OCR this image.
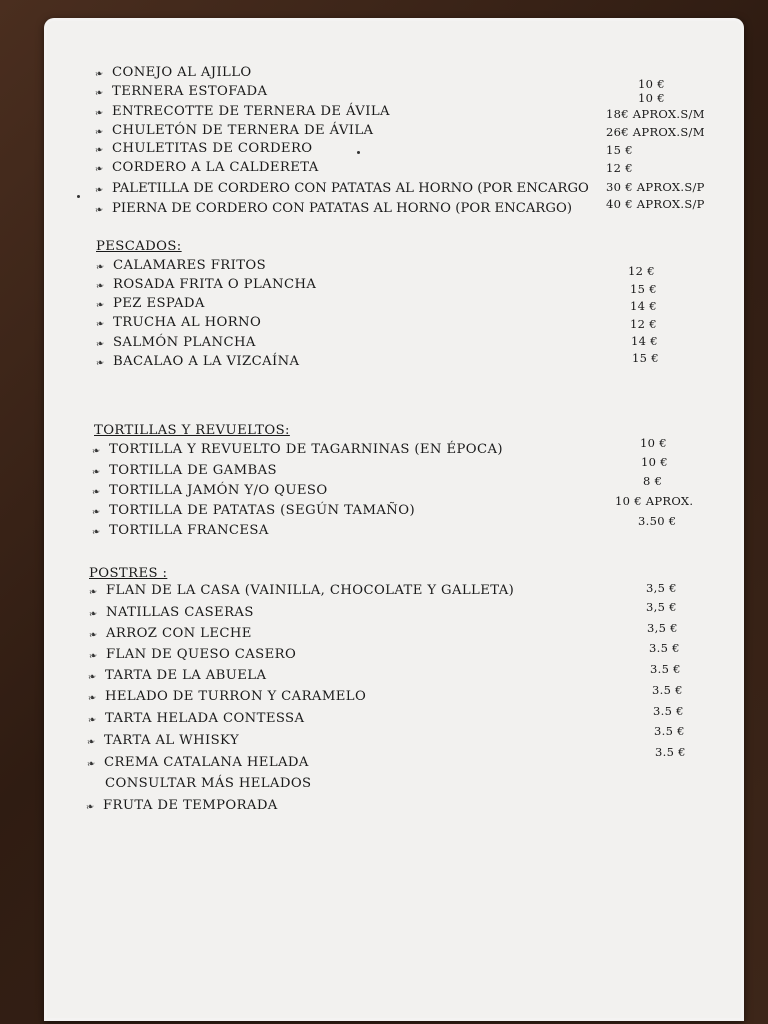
❧ CONEJO AL AJILLO
❧ TERNERA ESTOFADA
❧ ENTRECOTTE DE TERNERA DE ÁVILA
❧ CHULETÓN DE TERNERA DE ÁVILA
❧ CHULETITAS DE CORDERO
❧ CORDERO A LA CALDERETA
❧ PALETILLA DE CORDERO CON PATATAS AL HORNO (POR ENCARGO
❧ PIERNA DE CORDERO CON PATATAS AL HORNO (POR ENCARGO)
10 €
10 €
18€ APROX.S/M
26€ APROX.S/M
15 €
12 €
30 € APROX.S/P
40 € APROX.S/P
PESCADOS:
❧ CALAMARES FRITOS
❧ ROSADA FRITA O PLANCHA
❧ PEZ ESPADA
❧ TRUCHA AL HORNO
❧ SALMÓN PLANCHA
❧ BACALAO A LA VIZCAÍNA
12 €
15 €
14 €
12 €
14 €
15 €
TORTILLAS Y REVUELTOS:
❧ TORTILLA Y REVUELTO DE TAGARNINAS (EN ÉPOCA)
❧ TORTILLA DE GAMBAS
❧ TORTILLA JAMÓN Y/O QUESO
❧ TORTILLA DE PATATAS (SEGÚN TAMAÑO)
❧ TORTILLA FRANCESA
10 €
10 €
8 €
10 € APROX.
3.50 €
POSTRES :
❧ FLAN DE LA CASA (VAINILLA, CHOCOLATE Y GALLETA)
❧ NATILLAS CASERAS
❧ ARROZ CON LECHE
❧ FLAN DE QUESO CASERO
❧ TARTA DE LA ABUELA
❧ HELADO DE TURRON Y CARAMELO
❧ TARTA HELADA CONTESSA
❧ TARTA AL WHISKY
❧ CREMA CATALANA HELADA
CONSULTAR MÁS HELADOS
❧ FRUTA DE TEMPORADA
3,5 €
3,5 €
3,5 €
3.5 €
3.5 €
3.5 €
3.5 €
3.5 €
3.5 €
